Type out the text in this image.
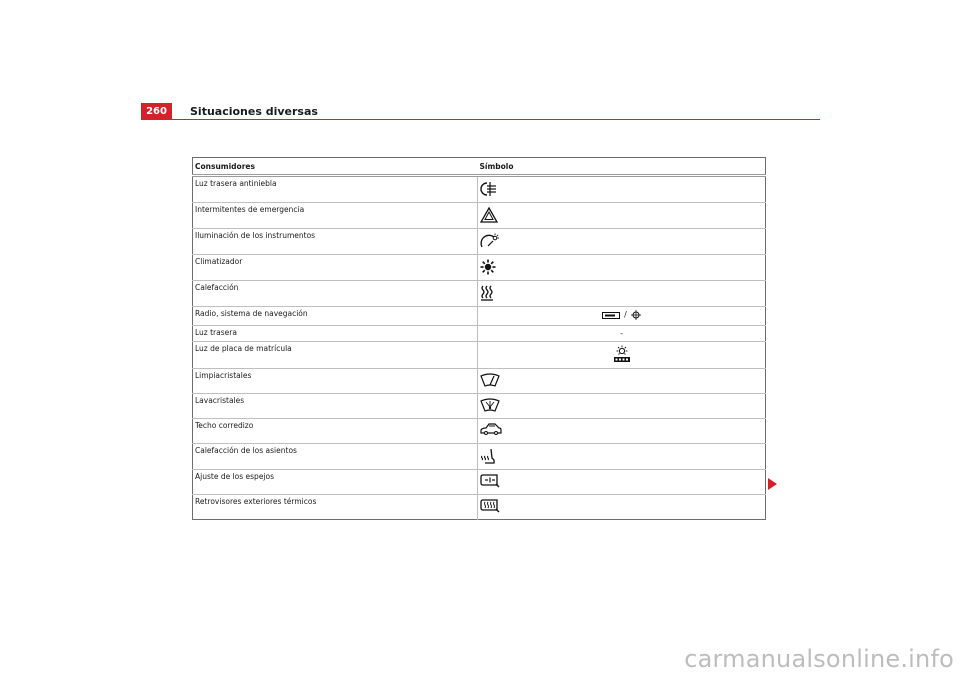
260	Situaciones diversas
Consumidores	Símbolo
Luz trasera antiniebla	
Intermitentes de emergencia	
Iluminación de los instrumentos	
Climatizador	
Calefacción	
Radio, sistema de navegación	/

Luz trasera	-

Luz de placa de matrícula	

Limpiacristales	
Lavacristales	
Techo corredizo	
Calefacción de los asientos	
Ajuste de los espejos	
Retrovisores exteriores térmicos	
carmanualsonline.info
